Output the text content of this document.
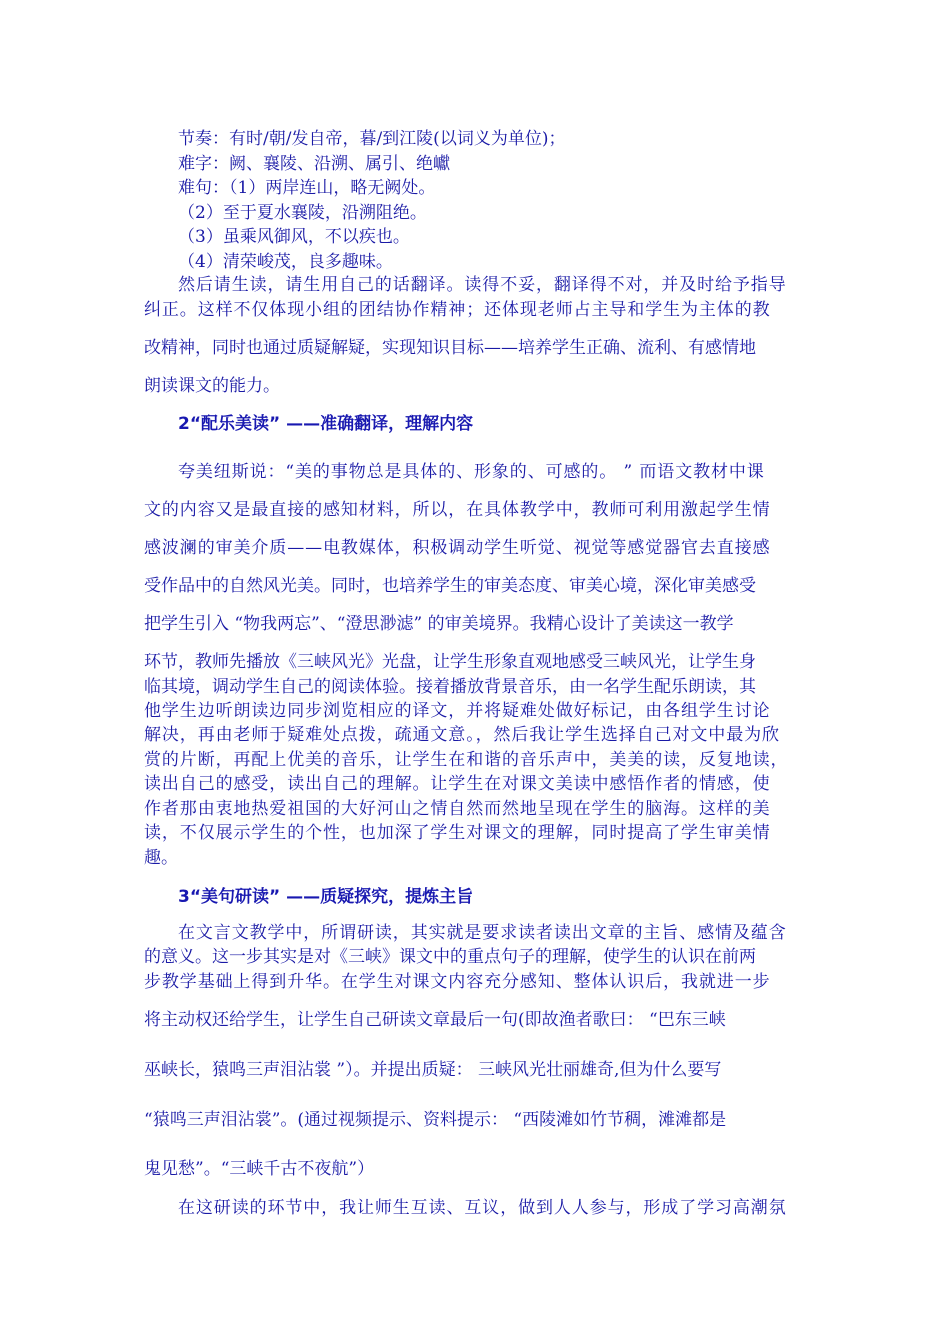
节奏：有时/朝/发自帝，暮/到江陵(以词义为单位)；
难字：阙、襄陵、沿溯、属引、绝巘
难句：（1）两岸连山，略无阙处。
（2）至于夏水襄陵，沿溯阻绝。
（3）虽乘风御风，不以疾也。
（4）清荣峻茂，良多趣味。
然后请生读，请生用自己的话翻译。读得不妥，翻译得不对，并及时给予指导
纠正。这样不仅体现小组的团结协作精神；还体现老师占主导和学生为主体的教
改精神，同时也通过质疑解疑，实现知识目标——培养学生正确、流利、有感情地
朗读课文的能力。
2“配乐美读” ——准确翻译，理解内容
夸美纽斯说：“美的事物总是具体的、形象的、可感的。 ” 而语文教材中课
文的内容又是最直接的感知材料，所以，在具体教学中，教师可利用激起学生情
感波澜的审美介质——电教媒体，积极调动学生听觉、视觉等感觉器官去直接感
受作品中的自然风光美。同时，也培养学生的审美态度、审美心境，深化审美感受
把学生引入 “物我两忘”、“澄思渺滤” 的审美境界。我精心设计了美读这一教学
环节，教师先播放《三峡风光》光盘，让学生形象直观地感受三峡风光，让学生身
临其境，调动学生自己的阅读体验。接着播放背景音乐，由一名学生配乐朗读，其
他学生边听朗读边同步浏览相应的译文，并将疑难处做好标记，由各组学生讨论
解决，再由老师于疑难处点拨，疏通文意。，然后我让学生选择自己对文中最为欣
赏的片断，再配上优美的音乐，让学生在和谐的音乐声中，美美的读，反复地读，
读出自己的感受，读出自己的理解。让学生在对课文美读中感悟作者的情感，使
作者那由衷地热爱祖国的大好河山之情自然而然地呈现在学生的脑海。这样的美
读，不仅展示学生的个性，也加深了学生对课文的理解，同时提高了学生审美情
趣。
3“美句研读” ——质疑探究，提炼主旨
在文言文教学中，所谓研读，其实就是要求读者读出文章的主旨、感情及蕴含
的意义。这一步其实是对《三峡》课文中的重点句子的理解，使学生的认识在前两
步教学基础上得到升华。在学生对课文内容充分感知、整体认识后，我就进一步
将主动权还给学生，让学生自己研读文章最后一句(即故渔者歌曰： “巴东三峡
巫峡长，猿鸣三声泪沾裳 ”）。并提出质疑： 三峡风光壮丽雄奇,但为什么要写
“猿鸣三声泪沾裳”。(通过视频提示、资料提示： “西陵滩如竹节稠，滩滩都是
鬼见愁”。“三峡千古不夜航”）
在这研读的环节中，我让师生互读、互议，做到人人参与，形成了学习高潮氛
